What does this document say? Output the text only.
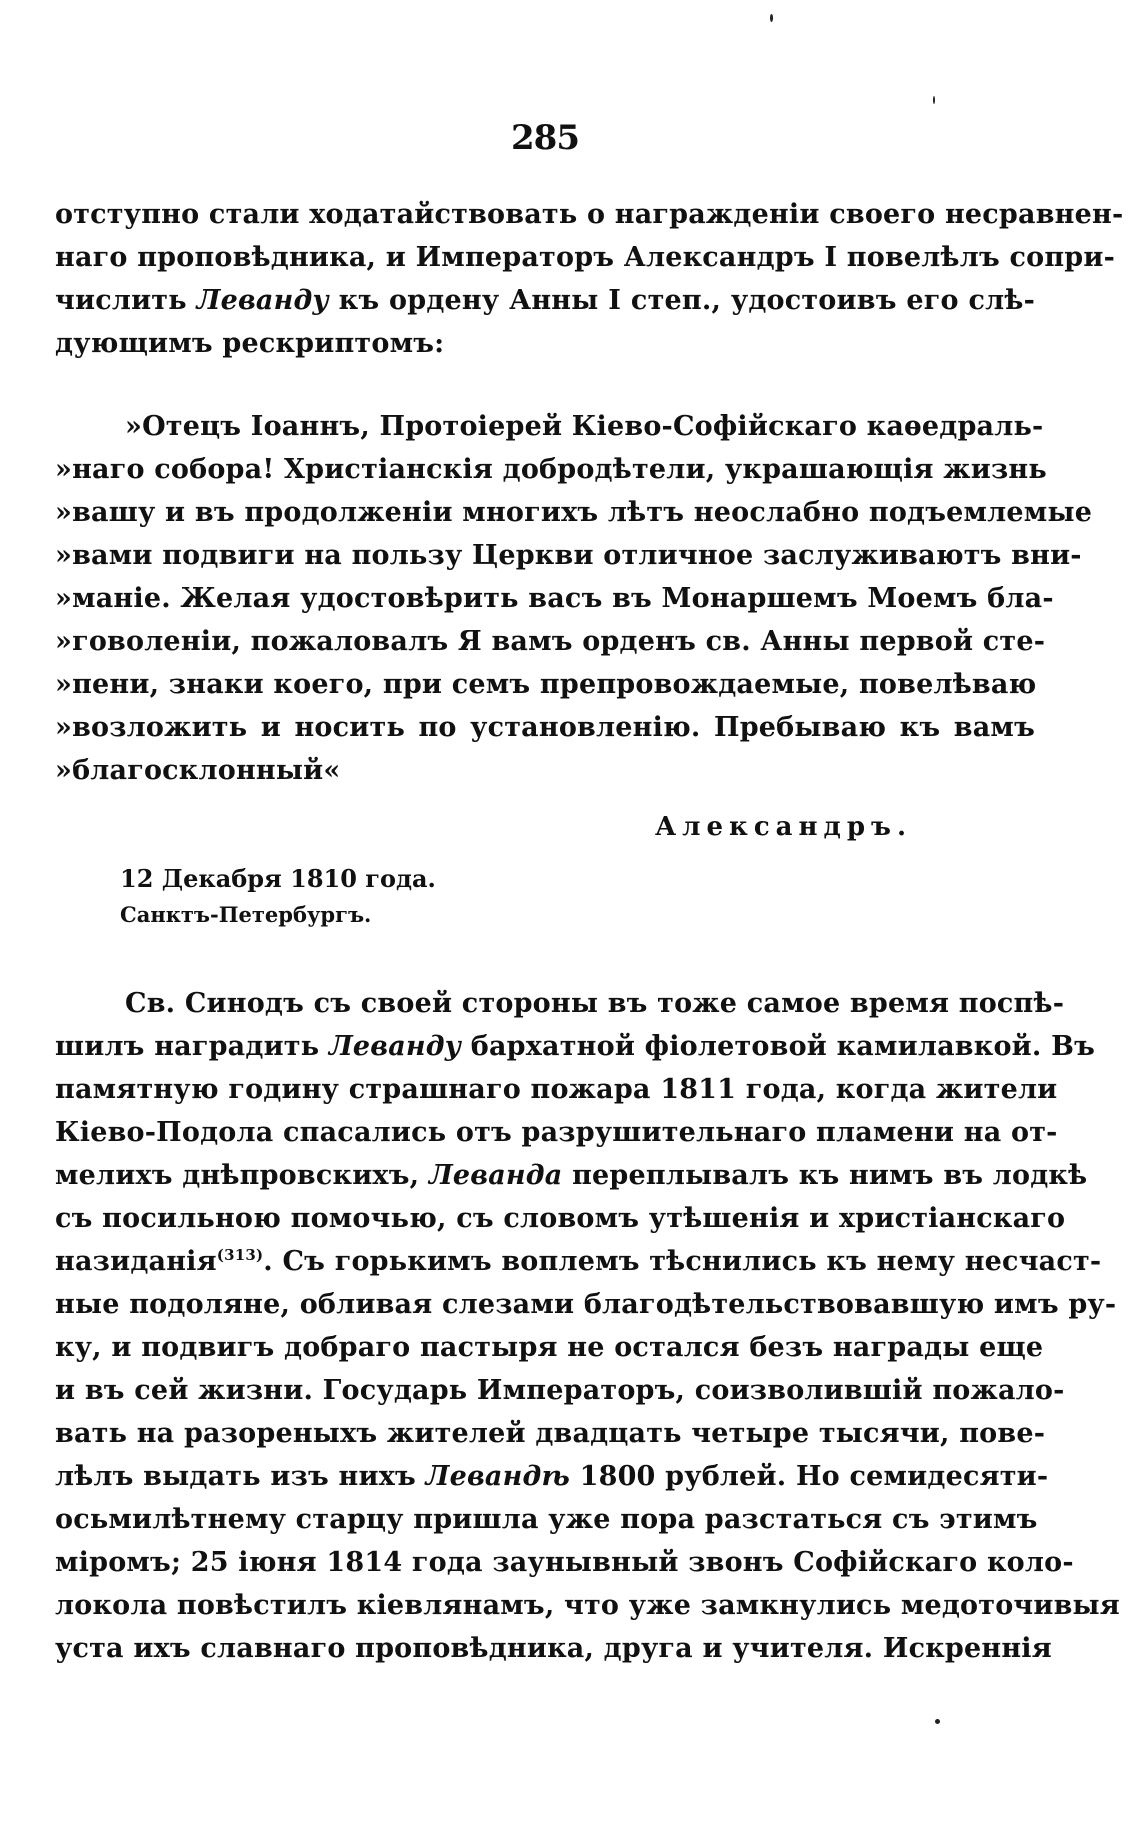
285
отступно стали ходатайствовать о награжденіи своего несравнен-
наго проповѣдника, и Императоръ Александръ I повелѣлъ сопри-
числить Леванду къ ордену Анны I степ., удостоивъ его слѣ-
дующимъ рескриптомъ:
»Отецъ Іоаннъ, Протоіерей Кіево-Софійскаго каѳедраль-
»наго собора! Христіанскія добродѣтели, украшающія жизнь
»вашу и въ продолженіи многихъ лѣтъ неослабно подъемлемые
»вами подвиги на пользу Церкви отличное заслуживаютъ вни-
»маніе. Желая удостовѣрить васъ въ Монаршемъ Моемъ бла-
»говоленіи, пожаловалъ Я вамъ орденъ св. Анны первой сте-
»пени, знаки коего, при семъ препровождаемые, повелѣваю
»возложить и носить по установленію. Пребываю къ вамъ
»благосклонный«
Александръ.
12 Декабря 1810 года.
Санктъ-Петербургъ.
Св. Синодъ съ своей стороны въ тоже самое время поспѣ-
шилъ наградить Леванду бархатной фіолетовой камилавкой. Въ
памятную годину страшнаго пожара 1811 года, когда жители
Кіево-Подола спасались отъ разрушительнаго пламени на от-
мелихъ днѣпровскихъ, Леванда переплывалъ къ нимъ въ лодкѣ
съ посильною помочью, съ словомъ утѣшенія и христіанскаго
назиданія$^{(313)}$. Съ горькимъ воплемъ тѣснились къ нему несчаст-
ные подоляне, обливая слезами благодѣтельствовавшую имъ ру-
ку, и подвигъ добраго пастыря не остался безъ награды еще
и въ сей жизни. Государь Императоръ, соизволившій пожало-
вать на разореныхъ жителей двадцать четыре тысячи, пове-
лѣлъ выдать изъ нихъ Левандѣ 1800 рублей. Но семидесяти-
осьмилѣтнему старцу пришла уже пора разстаться съ этимъ
міромъ; 25 іюня 1814 года заунывный звонъ Софійскаго коло-
локола повѣстилъ кіевлянамъ, что уже замкнулись медоточивыя
уста ихъ славнаго проповѣдника, друга и учителя. Искреннія
